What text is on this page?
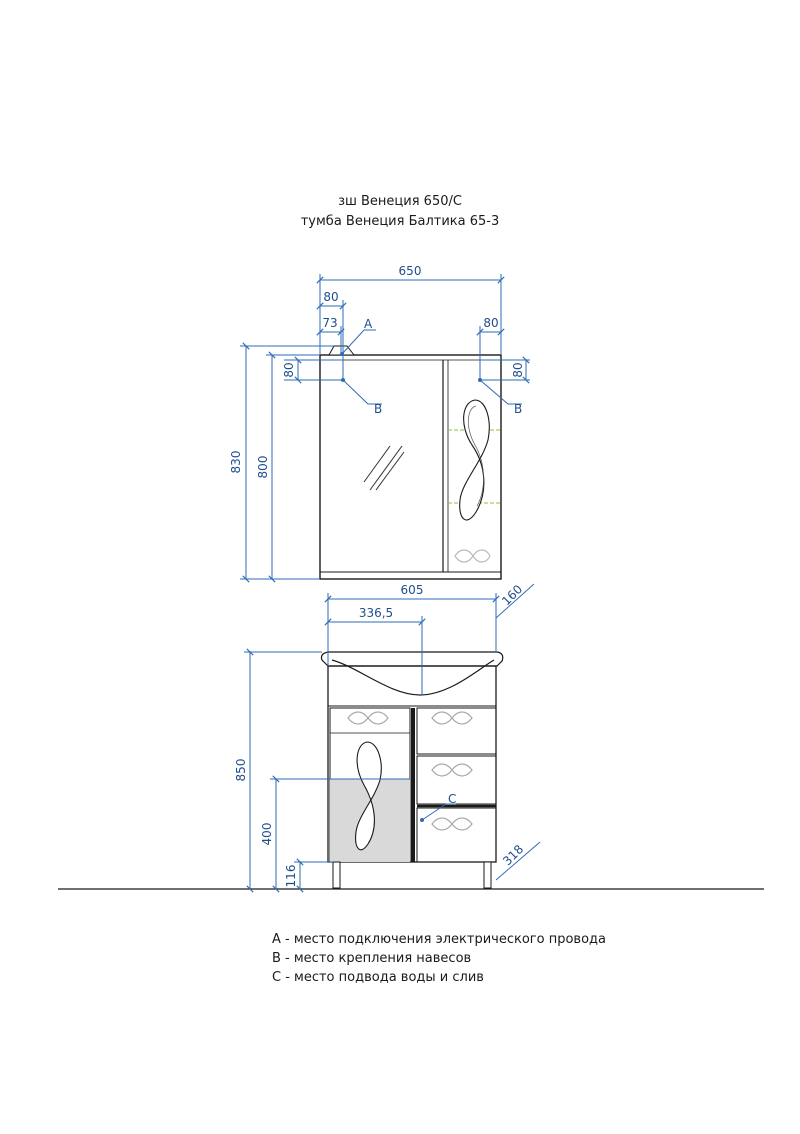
зш Венеция 650/С
тумба Венеция Балтика 65-3
650
80
73 A	80
80	80
B	B
830 800
605
336,5
160
850
400
116
318
C
А - место подключения электрического провода
В - место крепления навесов
С - место подвода воды и слив
